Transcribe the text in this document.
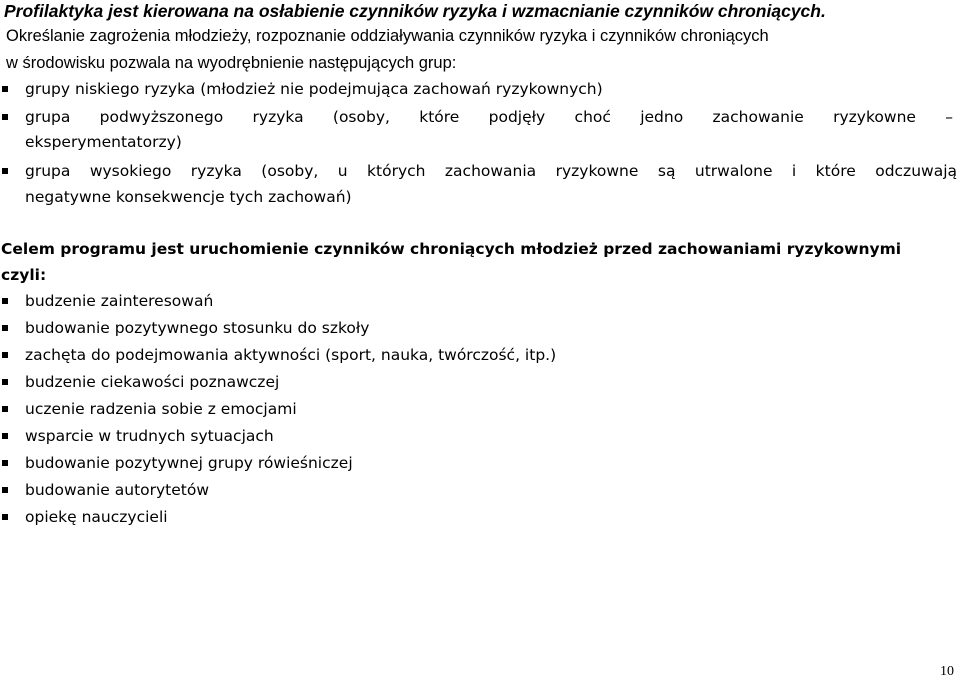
Profilaktyka jest kierowana na osłabienie czynników ryzyka i wzmacnianie czynników chroniących.
Określanie zagrożenia młodzieży, rozpoznanie oddziaływania czynników ryzyka i czynników chroniących
w środowisku pozwala na wyodrębnienie następujących grup:
grupy niskiego ryzyka (młodzież nie podejmująca zachowań ryzykownych)
grupa podwyższonego ryzyka (osoby, które podjęły choć jedno zachowanie ryzykowne –
eksperymentatorzy)
grupa wysokiego ryzyka (osoby, u których zachowania ryzykowne są utrwalone i które odczuwają
negatywne konsekwencje tych zachowań)
Celem programu jest uruchomienie czynników chroniących młodzież przed zachowaniami ryzykownymi
czyli:
budzenie zainteresowań
budowanie pozytywnego stosunku do szkoły
zachęta do podejmowania aktywności (sport, nauka, twórczość, itp.)
budzenie ciekawości poznawczej
uczenie radzenia sobie z emocjami
wsparcie w trudnych sytuacjach
budowanie pozytywnej grupy rówieśniczej
budowanie autorytetów
opiekę nauczycieli
10
